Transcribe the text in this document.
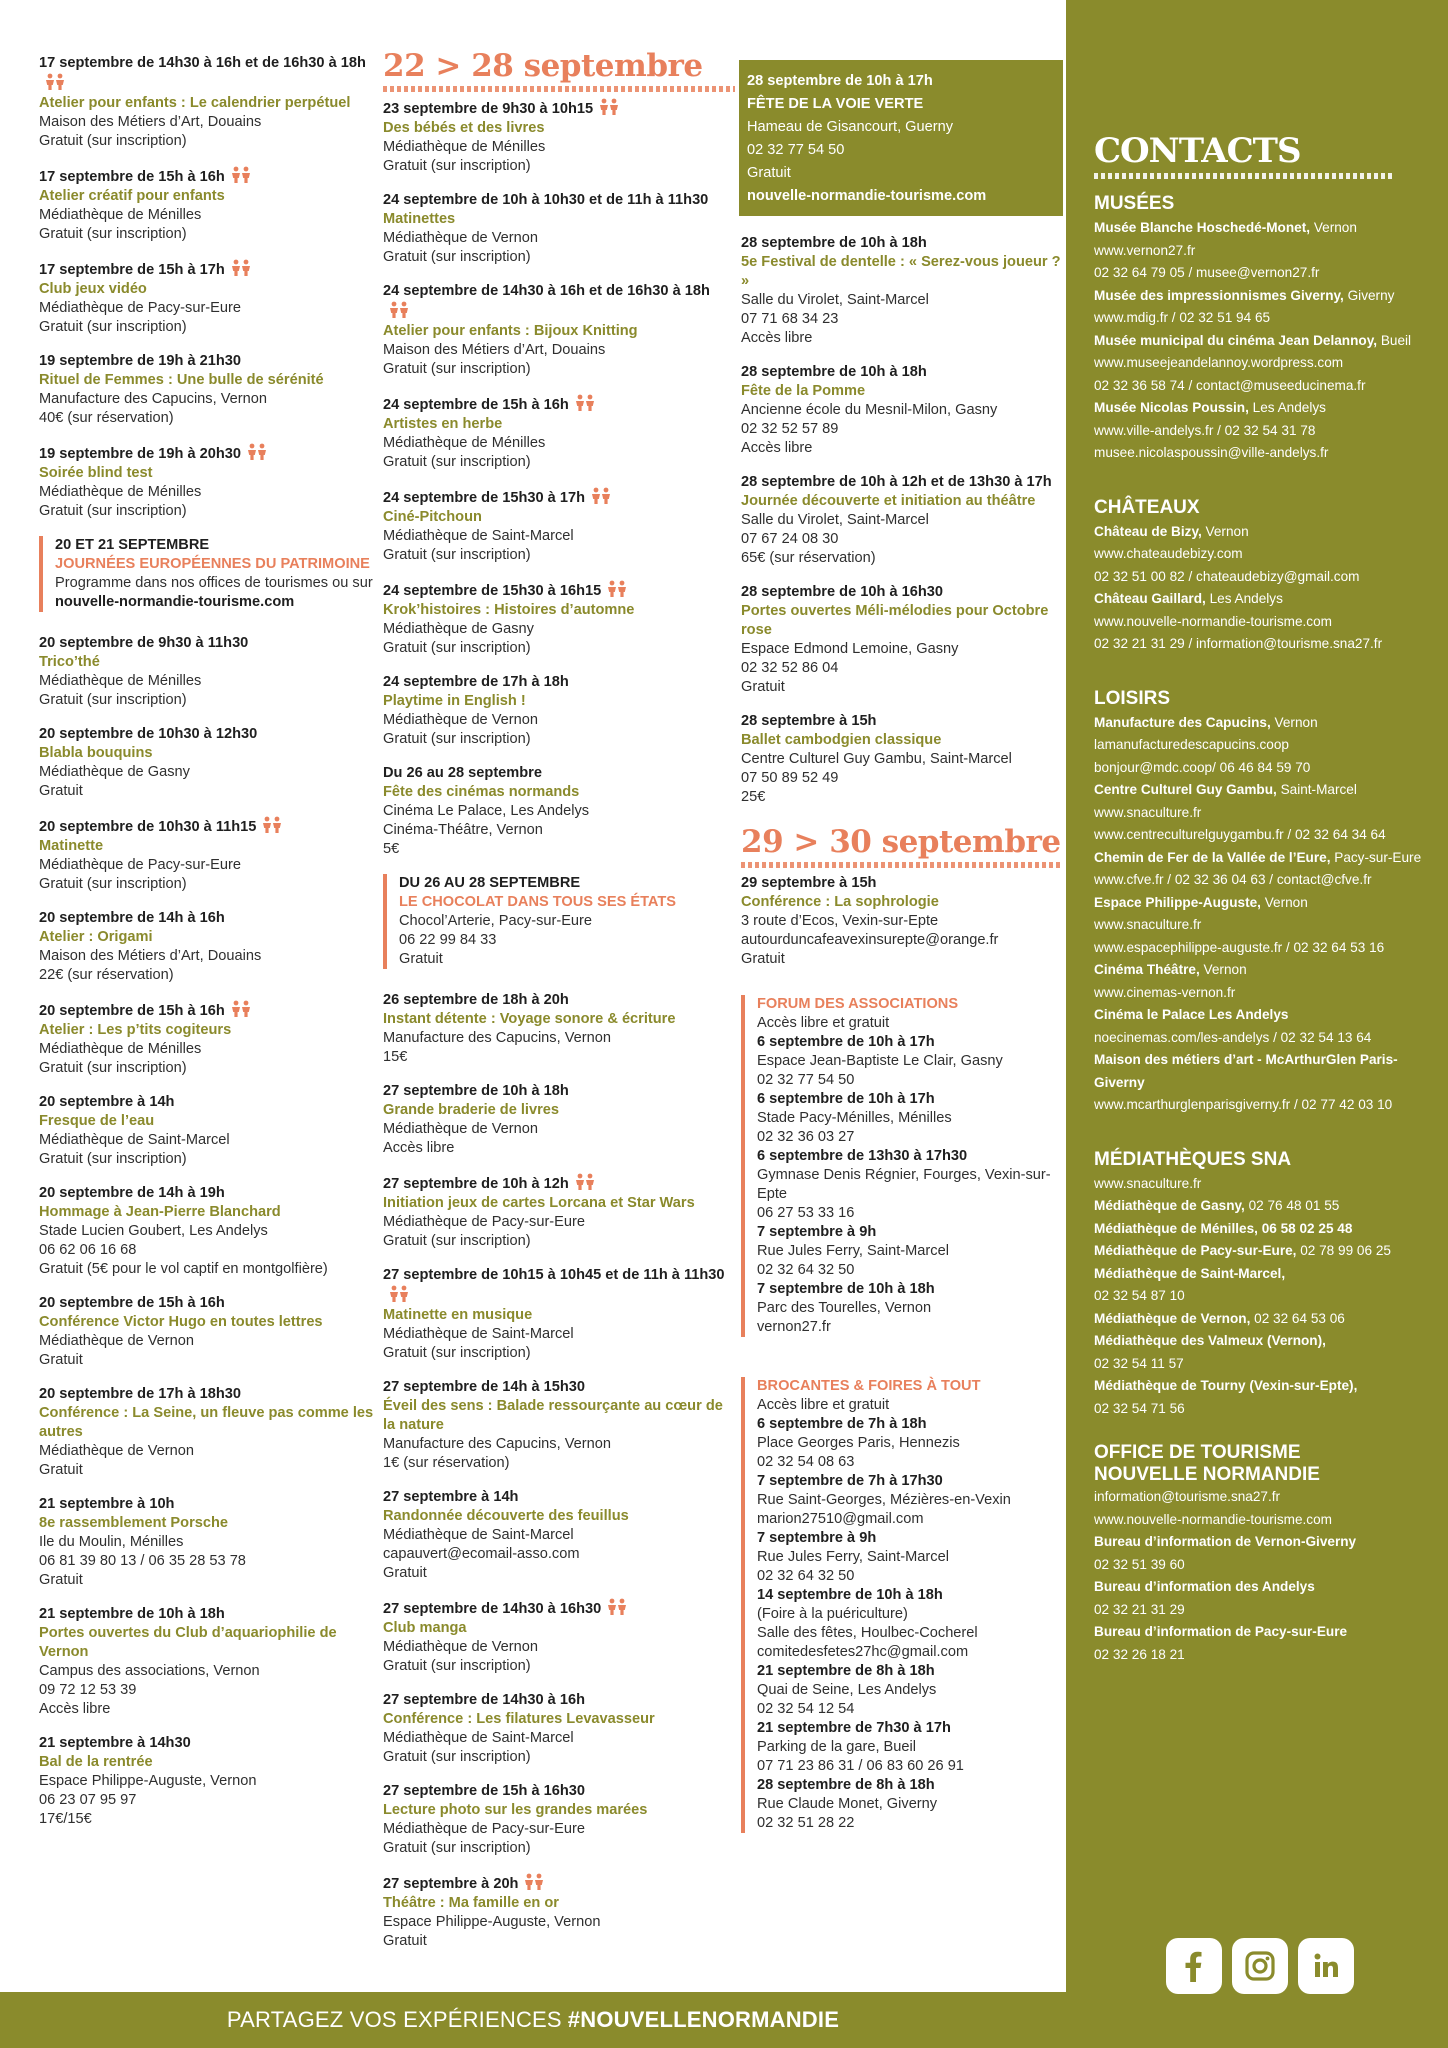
17 septembre de 14h30 à 16h et de 16h30 à 18h
Atelier pour enfants : Le calendrier perpétuel
Maison des Métiers d’Art, Douains
Gratuit (sur inscription)
17 septembre de 15h à 16h
Atelier créatif pour enfants
Médiathèque de Ménilles
Gratuit (sur inscription)
17 septembre de 15h à 17h
Club jeux vidéo
Médiathèque de Pacy-sur-Eure
Gratuit (sur inscription)
19 septembre de 19h à 21h30
Rituel de Femmes : Une bulle de sérénité
Manufacture des Capucins, Vernon
40€ (sur réservation)
19 septembre de 19h à 20h30
Soirée blind test
Médiathèque de Ménilles
Gratuit (sur inscription)
20 ET 21 SEPTEMBRE
JOURNÉES EUROPÉENNES DU PATRIMOINE
Programme dans nos offices de tourismes ou sur
nouvelle-normandie-tourisme.com
20 septembre de 9h30 à 11h30
Trico’thé
Médiathèque de Ménilles
Gratuit (sur inscription)
20 septembre de 10h30 à 12h30
Blabla bouquins
Médiathèque de Gasny
Gratuit
20 septembre de 10h30 à 11h15
Matinette
Médiathèque de Pacy-sur-Eure
Gratuit (sur inscription)
20 septembre de 14h à 16h
Atelier : Origami
Maison des Métiers d’Art, Douains
22€ (sur réservation)
20 septembre de 15h à 16h
Atelier : Les p’tits cogiteurs
Médiathèque de Ménilles
Gratuit (sur inscription)
20 septembre à 14h
Fresque de l’eau
Médiathèque de Saint-Marcel
Gratuit (sur inscription)
20 septembre de 14h à 19h
Hommage à Jean-Pierre Blanchard
Stade Lucien Goubert, Les Andelys
06 62 06 16 68
Gratuit (5€ pour le vol captif en montgolfière)
20 septembre de 15h à 16h
Conférence Victor Hugo en toutes lettres
Médiathèque de Vernon
Gratuit
20 septembre de 17h à 18h30
Conférence : La Seine, un fleuve pas comme les autres
Médiathèque de Vernon
Gratuit
21 septembre à 10h
8e rassemblement Porsche
Ile du Moulin, Ménilles
06 81 39 80 13 / 06 35 28 53 78
Gratuit
21 septembre de 10h à 18h
Portes ouvertes du Club d’aquariophilie de Vernon
Campus des associations, Vernon
09 72 12 53 39
Accès libre
21 septembre à 14h30
Bal de la rentrée
Espace Philippe-Auguste, Vernon
06 23 07 95 97
17€/15€
22 > 28 septembre
23 septembre de 9h30 à 10h15
Des bébés et des livres
Médiathèque de Ménilles
Gratuit (sur inscription)
24 septembre de 10h à 10h30 et de 11h à 11h30
Matinettes
Médiathèque de Vernon
Gratuit (sur inscription)
24 septembre de 14h30 à 16h et de 16h30 à 18h
Atelier pour enfants : Bijoux Knitting
Maison des Métiers d’Art, Douains
Gratuit (sur inscription)
24 septembre de 15h à 16h
Artistes en herbe
Médiathèque de Ménilles
Gratuit (sur inscription)
24 septembre de 15h30 à 17h
Ciné-Pitchoun
Médiathèque de Saint-Marcel
Gratuit (sur inscription)
24 septembre de 15h30 à 16h15
Krok’histoires : Histoires d’automne
Médiathèque de Gasny
Gratuit (sur inscription)
24 septembre de 17h à 18h
Playtime in English !
Médiathèque de Vernon
Gratuit (sur inscription)
Du 26 au 28 septembre
Fête des cinémas normands
Cinéma Le Palace, Les Andelys
Cinéma-Théâtre, Vernon
5€
DU 26 AU 28 SEPTEMBRE
LE CHOCOLAT DANS TOUS SES ÉTATS
Chocol’Arterie, Pacy-sur-Eure
06 22 99 84 33
Gratuit
26 septembre de 18h à 20h
Instant détente : Voyage sonore & écriture
Manufacture des Capucins, Vernon
15€
27 septembre de 10h à 18h
Grande braderie de livres
Médiathèque de Vernon
Accès libre
27 septembre de 10h à 12h
Initiation jeux de cartes Lorcana et Star Wars
Médiathèque de Pacy-sur-Eure
Gratuit (sur inscription)
27 septembre de 10h15 à 10h45 et de 11h à 11h30
Matinette en musique
Médiathèque de Saint-Marcel
Gratuit (sur inscription)
27 septembre de 14h à 15h30
Éveil des sens : Balade ressourçante au cœur de la nature
Manufacture des Capucins, Vernon
1€ (sur réservation)
27 septembre à 14h
Randonnée découverte des feuillus
Médiathèque de Saint-Marcel
capauvert@ecomail-asso.com
Gratuit
27 septembre de 14h30 à 16h30
Club manga
Médiathèque de Vernon
Gratuit (sur inscription)
27 septembre de 14h30 à 16h
Conférence : Les filatures Levavasseur
Médiathèque de Saint-Marcel
Gratuit (sur inscription)
27 septembre de 15h à 16h30
Lecture photo sur les grandes marées
Médiathèque de Pacy-sur-Eure
Gratuit (sur inscription)
27 septembre à 20h
Théâtre : Ma famille en or
Espace Philippe-Auguste, Vernon
Gratuit
28 septembre de 10h à 17h
FÊTE DE LA VOIE VERTE
Hameau de Gisancourt, Guerny
02 32 77 54 50
Gratuit
nouvelle-normandie-tourisme.com
28 septembre de 10h à 18h
5e Festival de dentelle : « Serez-vous joueur ? »
Salle du Virolet, Saint-Marcel
07 71 68 34 23
Accès libre
28 septembre de 10h à 18h
Fête de la Pomme
Ancienne école du Mesnil-Milon, Gasny
02 32 52 57 89
Accès libre
28 septembre de 10h à 12h et de 13h30 à 17h
Journée découverte et initiation au théâtre
Salle du Virolet, Saint-Marcel
07 67 24 08 30
65€ (sur réservation)
28 septembre de 10h à 16h30
Portes ouvertes Méli-mélodies pour Octobre rose
Espace Edmond Lemoine, Gasny
02 32 52 86 04
Gratuit
28 septembre à 15h
Ballet cambodgien classique
Centre Culturel Guy Gambu, Saint-Marcel
07 50 89 52 49
25€
29 > 30 septembre
29 septembre à 15h
Conférence : La sophrologie
3 route d’Ecos, Vexin-sur-Epte
autourduncafeavexinsurepte@orange.fr
Gratuit
FORUM DES ASSOCIATIONS
Accès libre et gratuit
6 septembre de 10h à 17h
Espace Jean-Baptiste Le Clair, Gasny
02 32 77 54 50
6 septembre de 10h à 17h
Stade Pacy-Ménilles, Ménilles
02 32 36 03 27
6 septembre de 13h30 à 17h30
Gymnase Denis Régnier, Fourges, Vexin-sur-Epte
06 27 53 33 16
7 septembre à 9h
Rue Jules Ferry, Saint-Marcel
02 32 64 32 50
7 septembre de 10h à 18h
Parc des Tourelles, Vernon
vernon27.fr
BROCANTES & FOIRES À TOUT
Accès libre et gratuit
6 septembre de 7h à 18h
Place Georges Paris, Hennezis
02 32 54 08 63
7 septembre de 7h à 17h30
Rue Saint-Georges, Mézières-en-Vexin
marion27510@gmail.com
7 septembre à 9h
Rue Jules Ferry, Saint-Marcel
02 32 64 32 50
14 septembre de 10h à 18h
(Foire à la puériculture)
Salle des fêtes, Houlbec-Cocherel
comitedesfetes27hc@gmail.com
21 septembre de 8h à 18h
Quai de Seine, Les Andelys
02 32 54 12 54
21 septembre de 7h30 à 17h
Parking de la gare, Bueil
07 71 23 86 31 / 06 83 60 26 91
28 septembre de 8h à 18h
Rue Claude Monet, Giverny
02 32 51 28 22
CONTACTS
MUSÉES
Musée Blanche Hoschedé-Monet, Vernon
www.vernon27.fr
02 32 64 79 05 / musee@vernon27.fr
Musée des impressionnismes Giverny, Giverny
www.mdig.fr / 02 32 51 94 65
Musée municipal du cinéma Jean Delannoy, Bueil
www.museejeandelannoy.wordpress.com
02 32 36 58 74 / contact@museeducinema.fr
Musée Nicolas Poussin, Les Andelys
www.ville-andelys.fr / 02 32 54 31 78
musee.nicolaspoussin@ville-andelys.fr
CHÂTEAUX
Château de Bizy, Vernon
www.chateaudebizy.com
02 32 51 00 82 / chateaudebizy@gmail.com
Château Gaillard, Les Andelys
www.nouvelle-normandie-tourisme.com
02 32 21 31 29 / information@tourisme.sna27.fr
LOISIRS
Manufacture des Capucins, Vernon
lamanufacturedescapucins.coop
bonjour@mdc.coop/ 06 46 84 59 70
Centre Culturel Guy Gambu, Saint-Marcel
www.snaculture.fr
www.centreculturelguygambu.fr / 02 32 64 34 64
Chemin de Fer de la Vallée de l’Eure, Pacy-sur-Eure
www.cfve.fr / 02 32 36 04 63 / contact@cfve.fr
Espace Philippe-Auguste, Vernon
www.snaculture.fr
www.espacephilippe-auguste.fr / 02 32 64 53 16
Cinéma Théâtre, Vernon
www.cinemas-vernon.fr
Cinéma le Palace Les Andelys
noecinemas.com/les-andelys / 02 32 54 13 64
Maison des métiers d’art - McArthurGlen Paris-Giverny
www.mcarthurglenparisgiverny.fr / 02 77 42 03 10
MÉDIATHÈQUES SNA
www.snaculture.fr
Médiathèque de Gasny, 02 76 48 01 55
Médiathèque de Ménilles, 06 58 02 25 48
Médiathèque de Pacy-sur-Eure, 02 78 99 06 25
Médiathèque de Saint-Marcel,
02 32 54 87 10
Médiathèque de Vernon, 02 32 64 53 06
Médiathèque des Valmeux (Vernon),
02 32 54 11 57
Médiathèque de Tourny (Vexin-sur-Epte),
02 32 54 71 56
OFFICE DE TOURISME
NOUVELLE NORMANDIE
information@tourisme.sna27.fr
www.nouvelle-normandie-tourisme.com
Bureau d’information de Vernon-Giverny
02 32 51 39 60
Bureau d’information des Andelys
02 32 21 31 29
Bureau d’information de Pacy-sur-Eure
02 32 26 18 21
PARTAGEZ VOS EXPÉRIENCES #NOUVELLENORMANDIE
